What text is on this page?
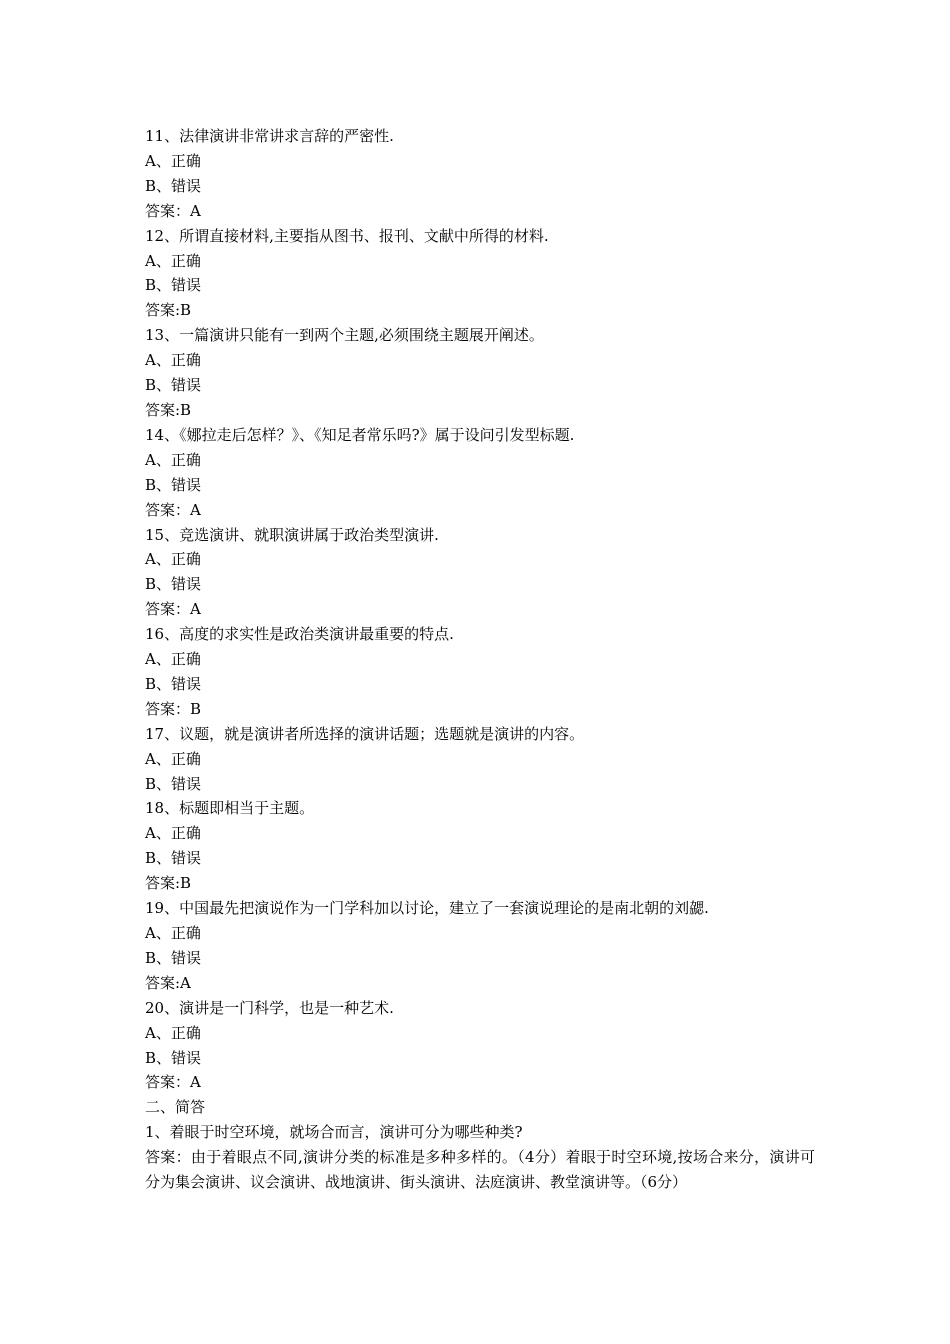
11、法律演讲非常讲求言辞的严密性.
A、正确
B、错误
答案：A
12、所谓直接材料,主要指从图书、报刊、文献中所得的材料.
A、正确
B、错误
答案:B
13、一篇演讲只能有一到两个主题,必须围绕主题展开阐述。
A、正确
B、错误
答案:B
14、《娜拉走后怎样？》、《知足者常乐吗?》属于设问引发型标题.
A、正确
B、错误
答案：A
15、竞选演讲、就职演讲属于政治类型演讲.
A、正确
B、错误
答案：A
16、高度的求实性是政治类演讲最重要的特点.
A、正确
B、错误
答案：B
17、议题，就是演讲者所选择的演讲话题；选题就是演讲的内容。
A、正确
B、错误
18、标题即相当于主题。
A、正确
B、错误
答案:B
19、中国最先把演说作为一门学科加以讨论，建立了一套演说理论的是南北朝的刘勰.
A、正确
B、错误
答案:A
20、演讲是一门科学，也是一种艺术.
A、正确
B、错误
答案：A
二、简答
1、着眼于时空环境，就场合而言，演讲可分为哪些种类?
答案：由于着眼点不同,演讲分类的标准是多种多样的。（4分）着眼于时空环境,按场合来分，演讲可分为集会演讲、议会演讲、战地演讲、街头演讲、法庭演讲、教堂演讲等。（6分）
